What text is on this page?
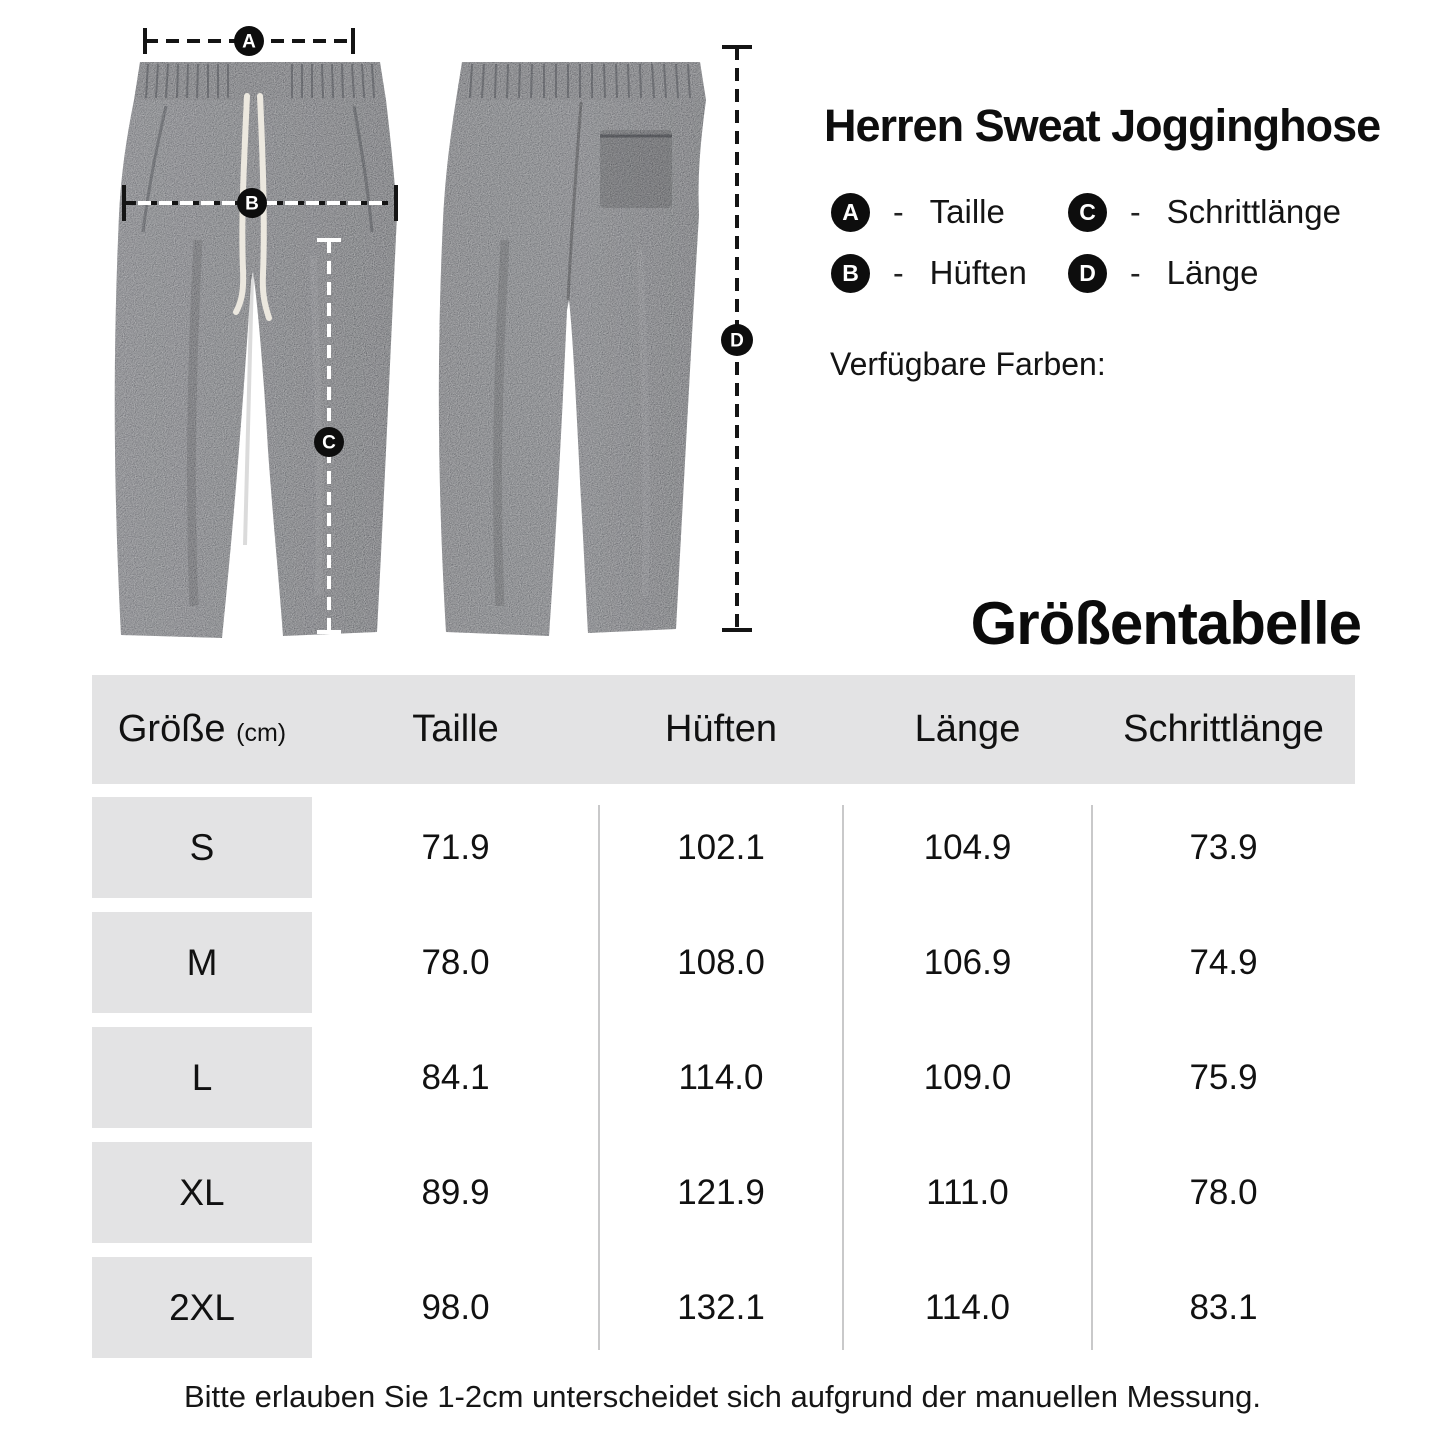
A
B
C
D
Herren Sweat Jogginghose
A	- Taille	C	- Schrittlänge
B	- Hüften	D	- Länge
Verfügbare Farben:
Größentabelle
Größe (cm)	Taille	Hüften	Länge	Schrittlänge
S	71.9	102.1	104.9	73.9
M	78.0	108.0	106.9	74.9
L	84.1	114.0	109.0	75.9
XL	89.9	121.9	111.0	78.0
2XL	98.0	132.1	114.0	83.1
Bitte erlauben Sie 1-2cm unterscheidet sich aufgrund der manuellen Messung.
